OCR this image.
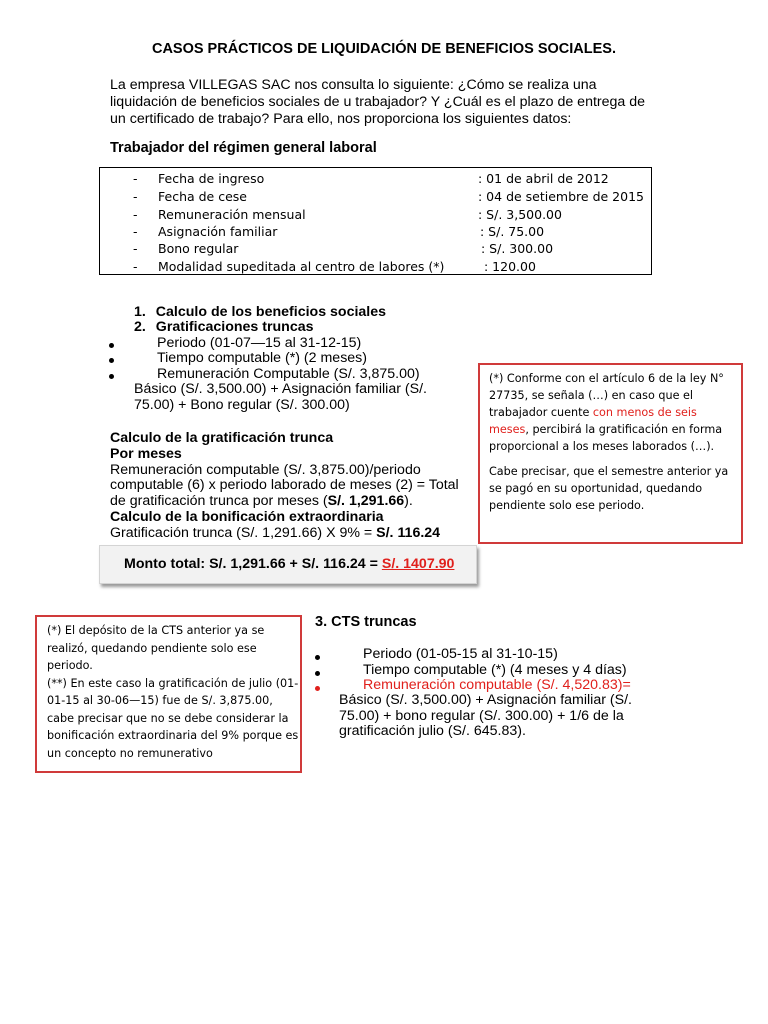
CASOS PRÁCTICOS DE LIQUIDACIÓN DE BENEFICIOS SOCIALES.
La empresa VILLEGAS SAC nos consulta lo siguiente: ¿Cómo se realiza una
liquidación de beneficios sociales de u trabajador? Y ¿Cuál es el plazo de entrega de
un certificado de trabajo? Para ello, nos proporciona los siguientes datos:
Trabajador del régimen general laboral
- Fecha de ingreso	: 01 de abril de 2012
- Fecha de cese	: 04 de setiembre de 2015
- Remuneración mensual	: S/. 3,500.00
- Asignación familiar	: S/. 75.00
- Bono regular	: S/. 300.00
- Modalidad supeditada al centro de labores (*)	: 120.00
1. Calculo de los beneficios sociales
2. Gratificaciones truncas
Periodo (01-07—15 al 31-12-15)
Tiempo computable (*) (2 meses)
Remuneración Computable (S/. 3,875.00)
Básico (S/. 3,500.00) + Asignación familiar (S/.
75.00) + Bono regular (S/. 300.00)
Calculo de la gratificación trunca
Por meses
Remuneración computable (S/. 3,875.00)/periodo
computable (6) x periodo laborado de meses (2) = Total
de gratificación trunca por meses (S/. 1,291.66).
Calculo de la bonificación extraordinaria
Gratificación trunca (S/. 1,291.66) X 9% = S/. 116.24
Monto total: S/. 1,291.66 + S/. 116.24 = S/. 1407.90
(*) Conforme con el artículo 6 de la ley N°
27735, se señala (…) en caso que el
trabajador cuente con menos de seis
meses, percibirá la gratificación en forma
proporcional a los meses laborados (…).
Cabe precisar, que el semestre anterior ya
se pagó en su oportunidad, quedando
pendiente solo ese periodo.
(*) El depósito de la CTS anterior ya se
realizó, quedando pendiente solo ese
periodo.
(**) En este caso la gratificación de julio (01-
01-15 al 30-06—15) fue de S/. 3,875.00,
cabe precisar que no se debe considerar la
bonificación extraordinaria del 9% porque es
un concepto no remunerativo
3. CTS truncas
Periodo (01-05-15 al 31-10-15)
Tiempo computable (*) (4 meses y 4 días)
Remuneración computable (S/. 4,520.83)=
Básico (S/. 3,500.00) + Asignación familiar (S/.
75.00) + bono regular (S/. 300.00) + 1/6 de la
gratificación julio (S/. 645.83).
